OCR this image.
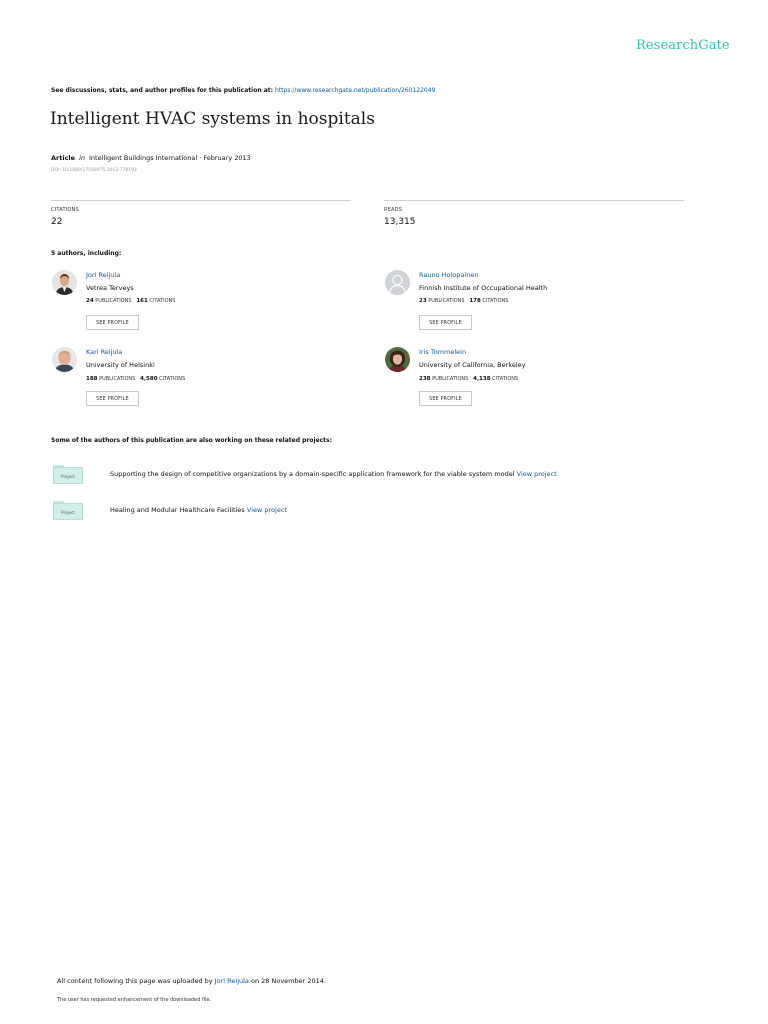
ResearchGate
See discussions, stats, and author profiles for this publication at: https://www.researchgate.net/publication/260122049
Intelligent HVAC systems in hospitals
Article in Intelligent Buildings International · February 2013
DOI: 10.1080/17508975.2013.778192
CITATIONS
22
READS
13,315
5 authors, including:
Jori Reijula
Vetrea Terveys
24 PUBLICATIONS 161 CITATIONS
SEE PROFILE
Rauno Holopainen
Finnish Institute of Occupational Health
23 PUBLICATIONS 178 CITATIONS
SEE PROFILE
Kari Reijula
University of Helsinki
188 PUBLICATIONS 4,580 CITATIONS
SEE PROFILE
Iris Tommelein
University of California, Berkeley
238 PUBLICATIONS 4,138 CITATIONS
SEE PROFILE
Some of the authors of this publication are also working on these related projects:
Project	Supporting the design of competitive organizations by a domain-specific application framework for the viable system model View project
Project	Healing and Modular Healthcare Facilities View project
All content following this page was uploaded by Jori Reijula on 28 November 2014.
The user has requested enhancement of the downloaded file.
